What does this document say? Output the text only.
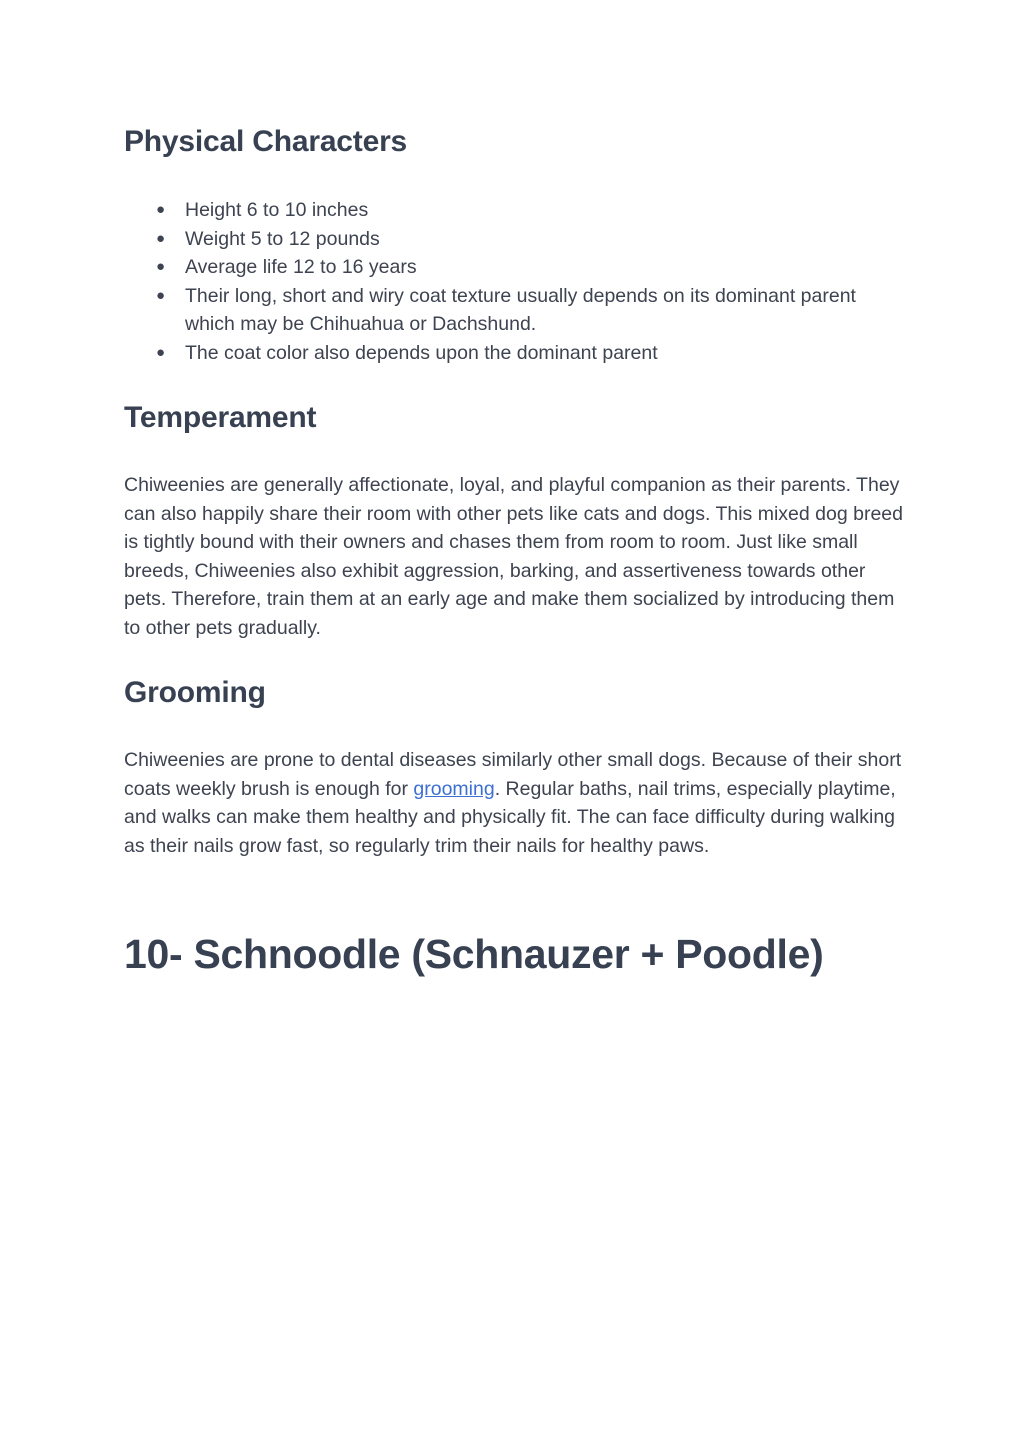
Physical Characters
● Height 6 to 10 inches
● Weight 5 to 12 pounds
● Average life 12 to 16 years
● Their long, short and wiry coat texture usually depends on its dominant parent which may be Chihuahua or Dachshund.
● The coat color also depends upon the dominant parent
Temperament

Chiweenies are generally affectionate, loyal, and playful companion as their parents. They can also happily share their room with other pets like cats and dogs. This mixed dog breed is tightly bound with their owners and chases them from room to room. Just like small breeds, Chiweenies also exhibit aggression, barking, and assertiveness towards other pets. Therefore, train them at an early age and make them socialized by introducing them to other pets gradually.

Grooming

Chiweenies are prone to dental diseases similarly other small dogs. Because of their short coats weekly brush is enough for grooming. Regular baths, nail trims, especially playtime, and walks can make them healthy and physically fit. The can face difficulty during walking as their nails grow fast, so regularly trim their nails for healthy paws.

10- Schnoodle (Schnauzer + Poodle)
